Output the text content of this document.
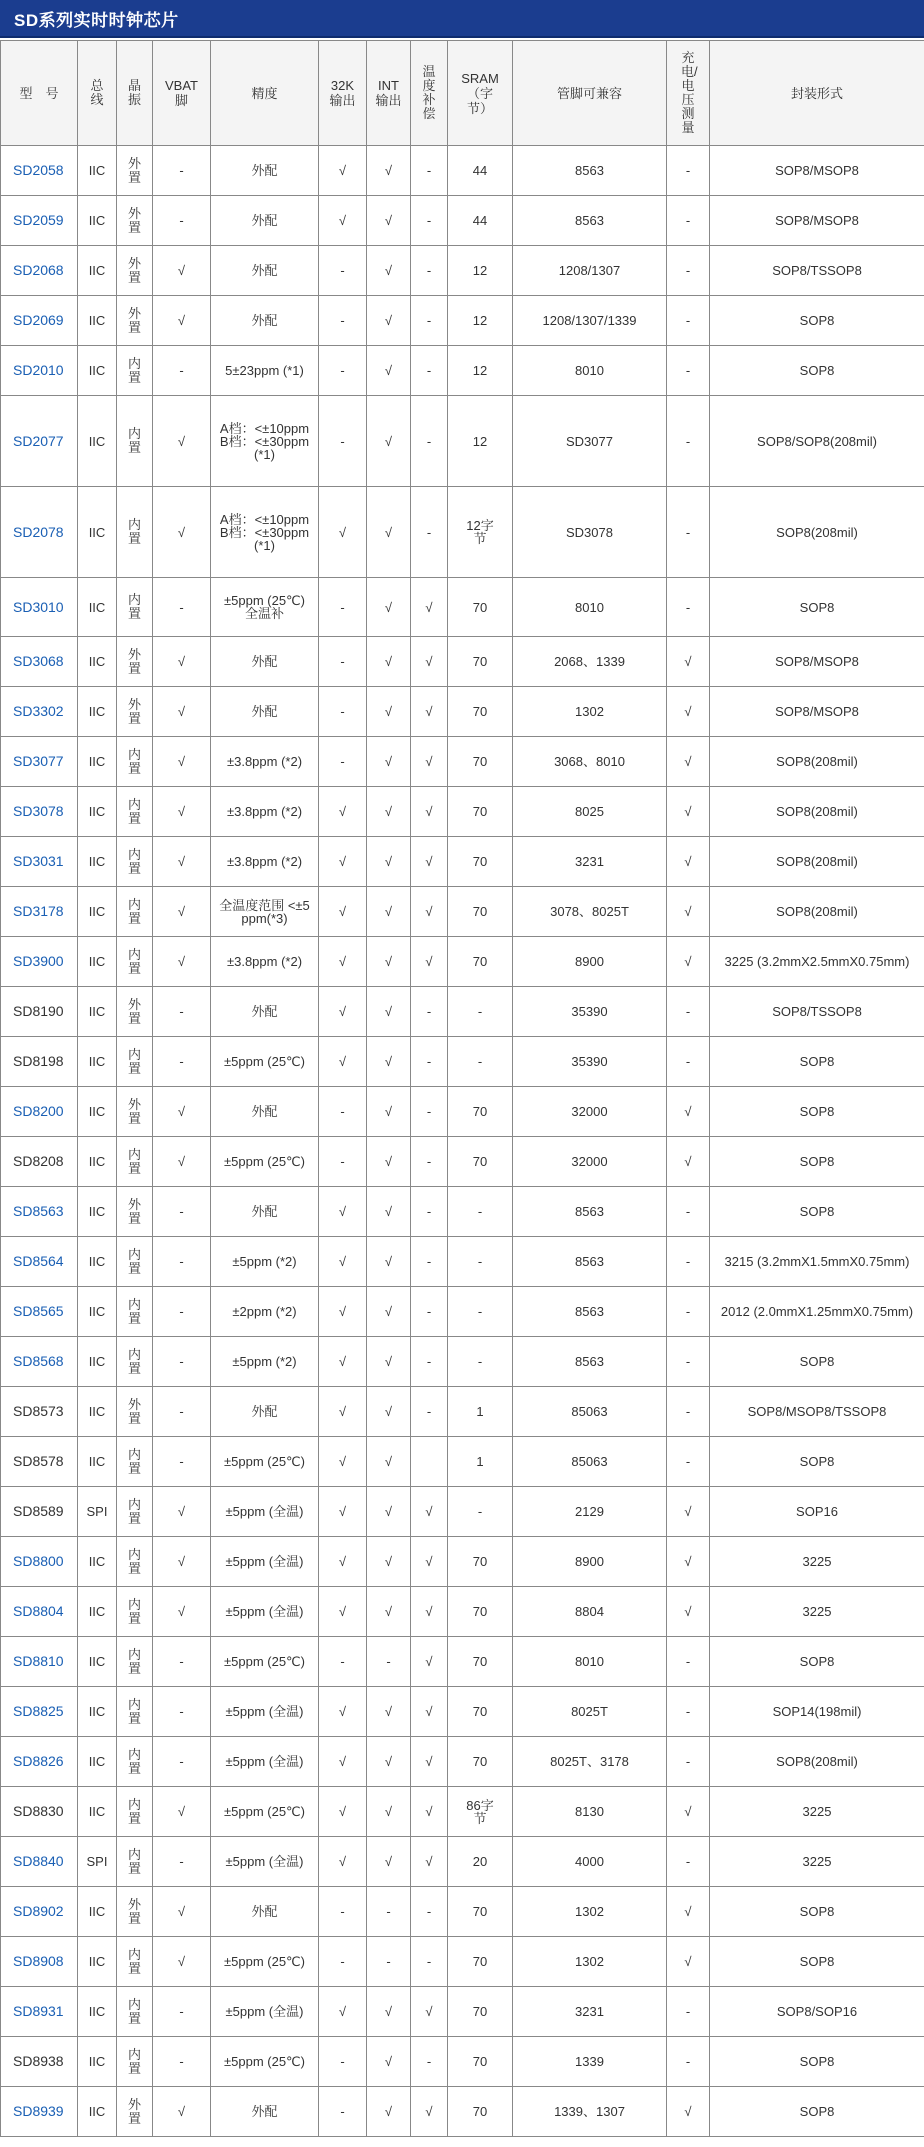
SD系列实时时钟芯片
型　号	总线	晶振	VBAT脚	精度	32K输出	INT输出	温度补偿	SRAM（字节）	管脚可兼容	充电/电压测量	封装形式
SD2058	IIC	外置	-	外配	√	√	-	44	8563	-	SOP8/MSOP8
SD2059	IIC	外置	-	外配	√	√	-	44	8563	-	SOP8/MSOP8
SD2068	IIC	外置	√	外配	-	√	-	12	1208/1307	-	SOP8/TSSOP8
SD2069	IIC	外置	√	外配	-	√	-	12	1208/1307/1339	-	SOP8
SD2010	IIC	内置	-	5±23ppm (*1)	-	√	-	12	8010	-	SOP8
SD2077	IIC	内置	√	A档：<±10ppm B档：<±30ppm (*1)	-	√	-	12	SD3077	-	SOP8/SOP8(208mil)
SD2078	IIC	内置	√	A档：<±10ppm B档：<±30ppm (*1)	√	√	-	12字节	SD3078	-	SOP8(208mil)
SD3010	IIC	内置	-	±5ppm (25℃) 全温补	-	√	√	70	8010	-	SOP8
SD3068	IIC	外置	√	外配	-	√	√	70	2068、1339	√	SOP8/MSOP8
SD3302	IIC	外置	√	外配	-	√	√	70	1302	√	SOP8/MSOP8
SD3077	IIC	内置	√	±3.8ppm (*2)	-	√	√	70	3068、8010	√	SOP8(208mil)
SD3078	IIC	内置	√	±3.8ppm (*2)	√	√	√	70	8025	√	SOP8(208mil)
SD3031	IIC	内置	√	±3.8ppm (*2)	√	√	√	70	3231	√	SOP8(208mil)
SD3178	IIC	内置	√	全温度范围 <±5ppm(*3)	√	√	√	70	3078、8025T	√	SOP8(208mil)
SD3900	IIC	内置	√	±3.8ppm (*2)	√	√	√	70	8900	√	3225 (3.2mmX2.5mmX0.75mm)
SD8190	IIC	外置	-	外配	√	√	-	-	35390	-	SOP8/TSSOP8
SD8198	IIC	内置	-	±5ppm (25℃)	√	√	-	-	35390	-	SOP8
SD8200	IIC	外置	√	外配	-	√	-	70	32000	√	SOP8
SD8208	IIC	内置	√	±5ppm (25℃)	-	√	-	70	32000	√	SOP8
SD8563	IIC	外置	-	外配	√	√	-	-	8563	-	SOP8
SD8564	IIC	内置	-	±5ppm (*2)	√	√	-	-	8563	-	3215 (3.2mmX1.5mmX0.75mm)
SD8565	IIC	内置	-	±2ppm (*2)	√	√	-	-	8563	-	2012 (2.0mmX1.25mmX0.75mm)
SD8568	IIC	内置	-	±5ppm (*2)	√	√	-	-	8563	-	SOP8
SD8573	IIC	外置	-	外配	√	√	-	1	85063	-	SOP8/MSOP8/TSSOP8
SD8578	IIC	内置	-	±5ppm (25℃)	√	√		1	85063	-	SOP8
SD8589	SPI	内置	√	±5ppm (全温)	√	√	√	-	2129	√	SOP16
SD8800	IIC	内置	√	±5ppm (全温)	√	√	√	70	8900	√	3225
SD8804	IIC	内置	√	±5ppm (全温)	√	√	√	70	8804	√	3225
SD8810	IIC	内置	-	±5ppm (25℃)	-	-	√	70	8010	-	SOP8
SD8825	IIC	内置	-	±5ppm (全温)	√	√	√	70	8025T	-	SOP14(198mil)
SD8826	IIC	内置	-	±5ppm (全温)	√	√	√	70	8025T、3178	-	SOP8(208mil)
SD8830	IIC	内置	√	±5ppm (25℃)	√	√	√	86字节	8130	√	3225
SD8840	SPI	内置	-	±5ppm (全温)	√	√	√	20	4000	-	3225
SD8902	IIC	外置	√	外配	-	-	-	70	1302	√	SOP8
SD8908	IIC	内置	√	±5ppm (25℃)	-	-	-	70	1302	√	SOP8
SD8931	IIC	内置	-	±5ppm (全温)	√	√	√	70	3231	-	SOP8/SOP16
SD8938	IIC	内置	-	±5ppm (25℃)	-	√	-	70	1339	-	SOP8
SD8939	IIC	外置	√	外配	-	√	√	70	1339、1307	√	SOP8
